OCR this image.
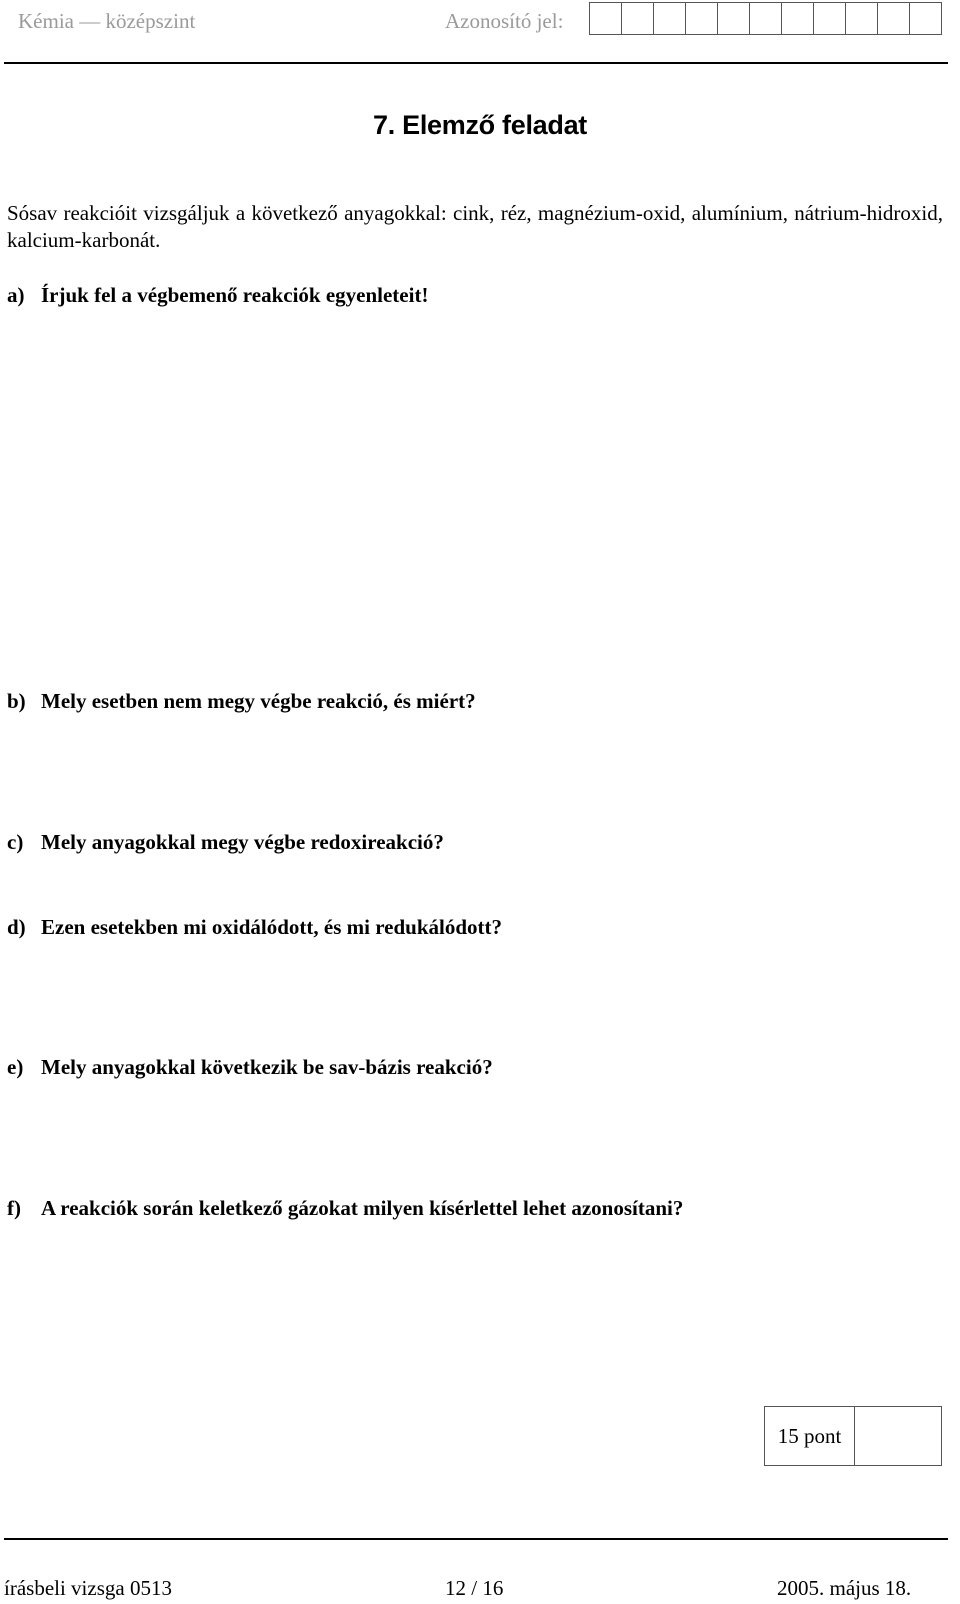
Kémia — középszint	Azonosító jel:
7. Elemző feladat
Sósav reakcióit vizsgáljuk a következő anyagokkal: cink, réz, magnézium-oxid, alumínium, nátrium-hidroxid, kalcium-karbonát.
a) Írjuk fel a végbemenő reakciók egyenleteit!
b) Mely esetben nem megy végbe reakció, és miért?
c) Mely anyagokkal megy végbe redoxireakció?
d) Ezen esetekben mi oxidálódott, és mi redukálódott?
e) Mely anyagokkal következik be sav-bázis reakció?
f) A reakciók során keletkező gázokat milyen kísérlettel lehet azonosítani?
15 pont
írásbeli vizsga 0513	12 / 16	2005. május 18.
